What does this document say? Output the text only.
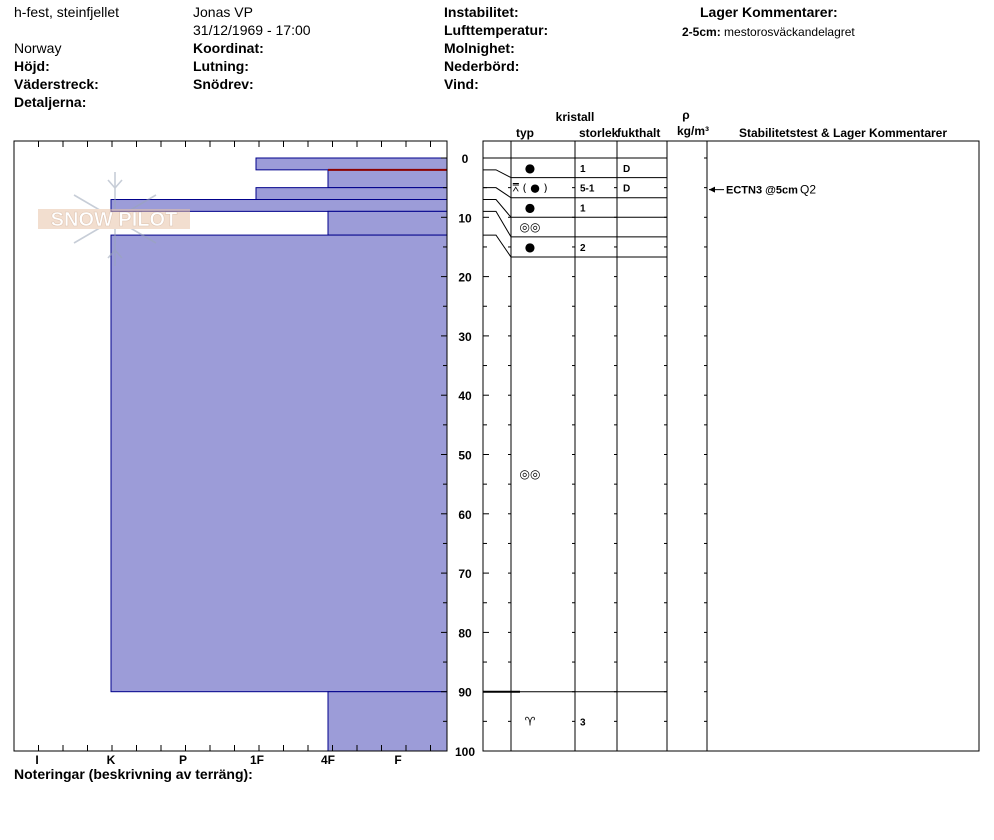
h-fest, steinfjellet	Jonas VP
31/12/1969 - 17:00
Norway
Höjd:
Väderstreck:
Detaljerna:
Koordinat:
Lutning:
Snödrev:
Instabilitet:
Lufttemperatur:
Molnighet:
Nederbörd:
Vind:
Lager Kommentarer:
2-5cm: mestorosväckandelagret
Noteringar (beskrivning av terräng):
SNOW PILOT
0
10
20
30
40
50
60
70
80
90
100
I	K	P	1F	4F	F
kristall
typ	storlek
fukthalt
ρ
kg/m³ Stabilitetstest & Lager Kommentarer
●	1	D
⩞ ( ● )	5-1	D
●	1
◎◎
●	2
◎◎
♈	3
ECTN3 @5cm Q2
